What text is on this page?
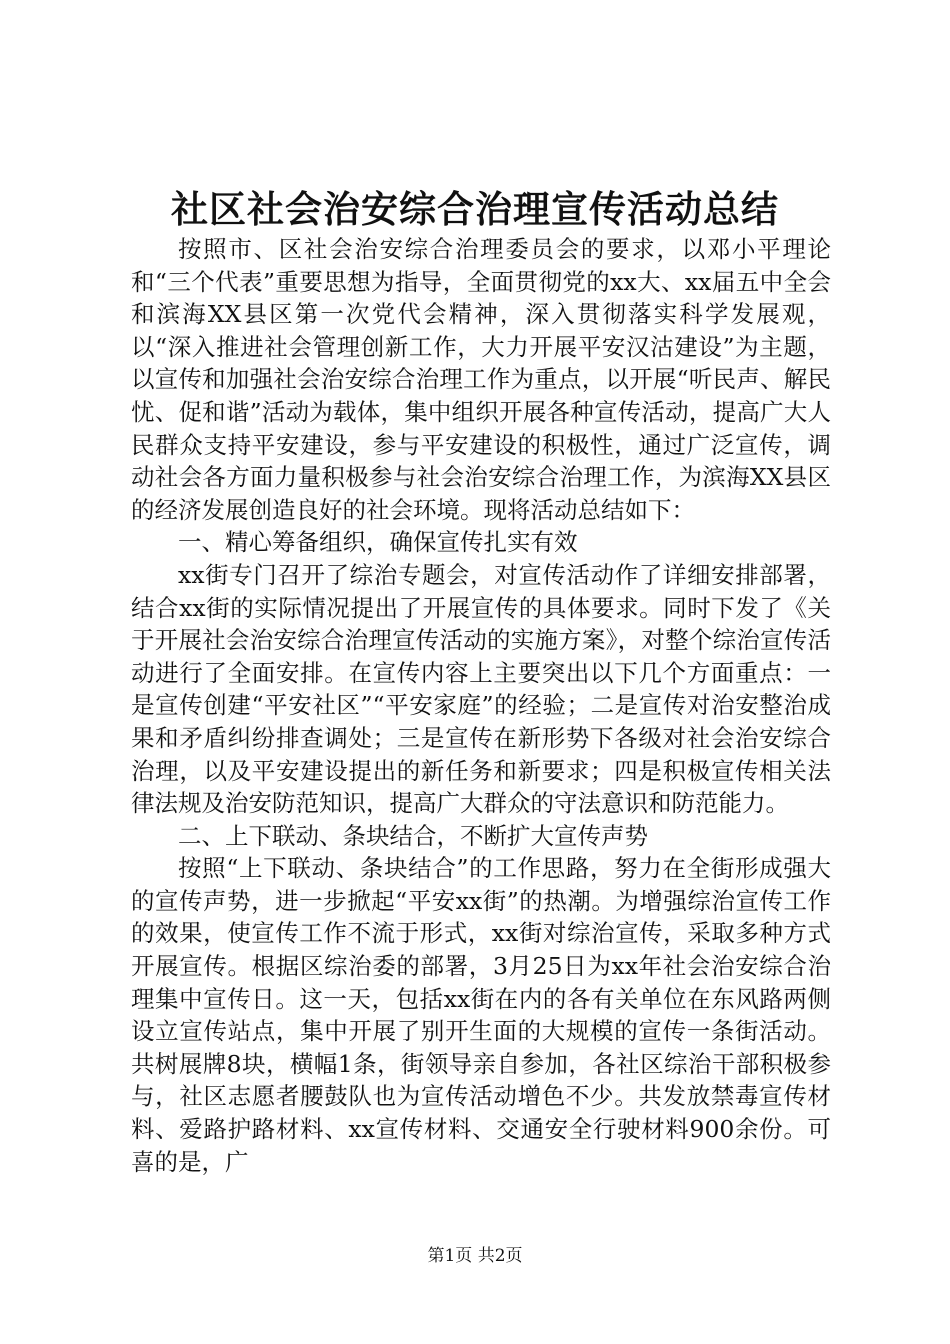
社区社会治安综合治理宣传活动总结

按照市、区社会治安综合治理委员会的要求，以邓小平理论和“三个代表”重要思想为指导，全面贯彻党的xx大、xx届五中全会和滨海XX县区第一次党代会精神，深入贯彻落实科学发展观，以“深入推进社会管理创新工作，大力开展平安汉沽建设”为主题，以宣传和加强社会治安综合治理工作为重点，以开展“听民声、解民忧、促和谐”活动为载体，集中组织开展各种宣传活动，提高广大人民群众支持平安建设，参与平安建设的积极性，通过广泛宣传，调动社会各方面力量积极参与社会治安综合治理工作，为滨海XX县区的经济发展创造良好的社会环境。现将活动总结如下：

一、精心筹备组织，确保宣传扎实有效

xx街专门召开了综治专题会，对宣传活动作了详细安排部署，结合xx街的实际情况提出了开展宣传的具体要求。同时下发了《关于开展社会治安综合治理宣传活动的实施方案》，对整个综治宣传活动进行了全面安排。在宣传内容上主要突出以下几个方面重点：一是宣传创建“平安社区”“平安家庭”的经验；二是宣传对治安整治成果和矛盾纠纷排查调处；三是宣传在新形势下各级对社会治安综合治理，以及平安建设提出的新任务和新要求；四是积极宣传相关法律法规及治安防范知识，提高广大群众的守法意识和防范能力。

二、上下联动、条块结合，不断扩大宣传声势

按照“上下联动、条块结合”的工作思路，努力在全街形成强大的宣传声势，进一步掀起“平安xx街”的热潮。为增强综治宣传工作的效果，使宣传工作不流于形式，xx街对综治宣传，采取多种方式开展宣传。根据区综治委的部署，3月25日为xx年社会治安综合治理集中宣传日。这一天，包括xx街在内的各有关单位在东风路两侧设立宣传站点，集中开展了别开生面的大规模的宣传一条街活动。共树展牌8块，横幅1条，街领导亲自参加，各社区综治干部积极参与，社区志愿者腰鼓队也为宣传活动增色不少。共发放禁毒宣传材料、爱路护路材料、xx宣传材料、交通安全行驶材料900余份。可喜的是，广

第1页 共2页
